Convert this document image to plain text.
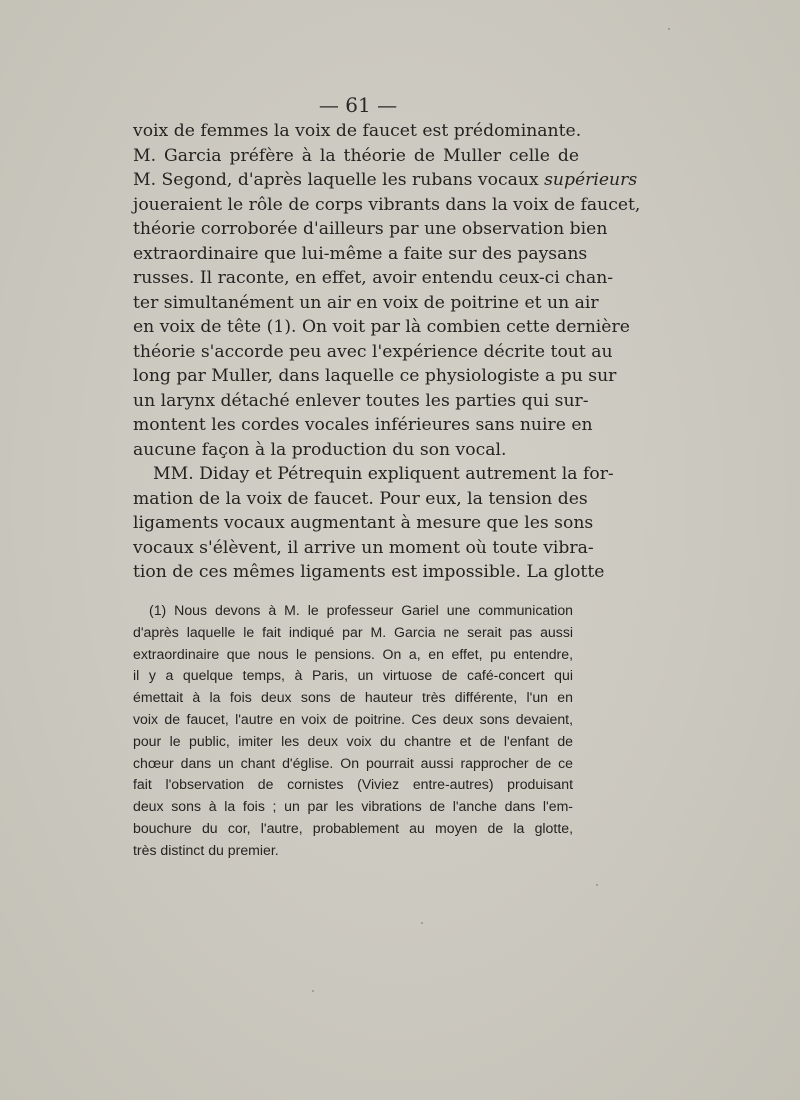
— 61 —
voix de femmes la voix de faucet est prédominante.
M. Garcia préfère à la théorie de Muller celle de
M. Segond, d'après laquelle les rubans vocaux supérieurs
joueraient le rôle de corps vibrants dans la voix de faucet,
théorie corroborée d'ailleurs par une observation bien
extraordinaire que lui-même a faite sur des paysans
russes. Il raconte, en effet, avoir entendu ceux-ci chan-
ter simultanément un air en voix de poitrine et un air
en voix de tête (1). On voit par là combien cette dernière
théorie s'accorde peu avec l'expérience décrite tout au
long par Muller, dans laquelle ce physiologiste a pu sur
un larynx détaché enlever toutes les parties qui sur-
montent les cordes vocales inférieures sans nuire en
aucune façon à la production du son vocal.
MM. Diday et Pétrequin expliquent autrement la for-
mation de la voix de faucet. Pour eux, la tension des
ligaments vocaux augmentant à mesure que les sons
vocaux s'élèvent, il arrive un moment où toute vibra-
tion de ces mêmes ligaments est impossible. La glotte
(1) Nous devons à M. le professeur Gariel une communication
d'après laquelle le fait indiqué par M. Garcia ne serait pas aussi
extraordinaire que nous le pensions. On a, en effet, pu entendre,
il y a quelque temps, à Paris, un virtuose de café-concert qui
émettait à la fois deux sons de hauteur très différente, l'un en
voix de faucet, l'autre en voix de poitrine. Ces deux sons devaient,
pour le public, imiter les deux voix du chantre et de l'enfant de
chœur dans un chant d'église. On pourrait aussi rapprocher de ce
fait l'observation de cornistes (Viviez entre-autres) produisant
deux sons à la fois ; un par les vibrations de l'anche dans l'em-
bouchure du cor, l'autre, probablement au moyen de la glotte,
très distinct du premier.
